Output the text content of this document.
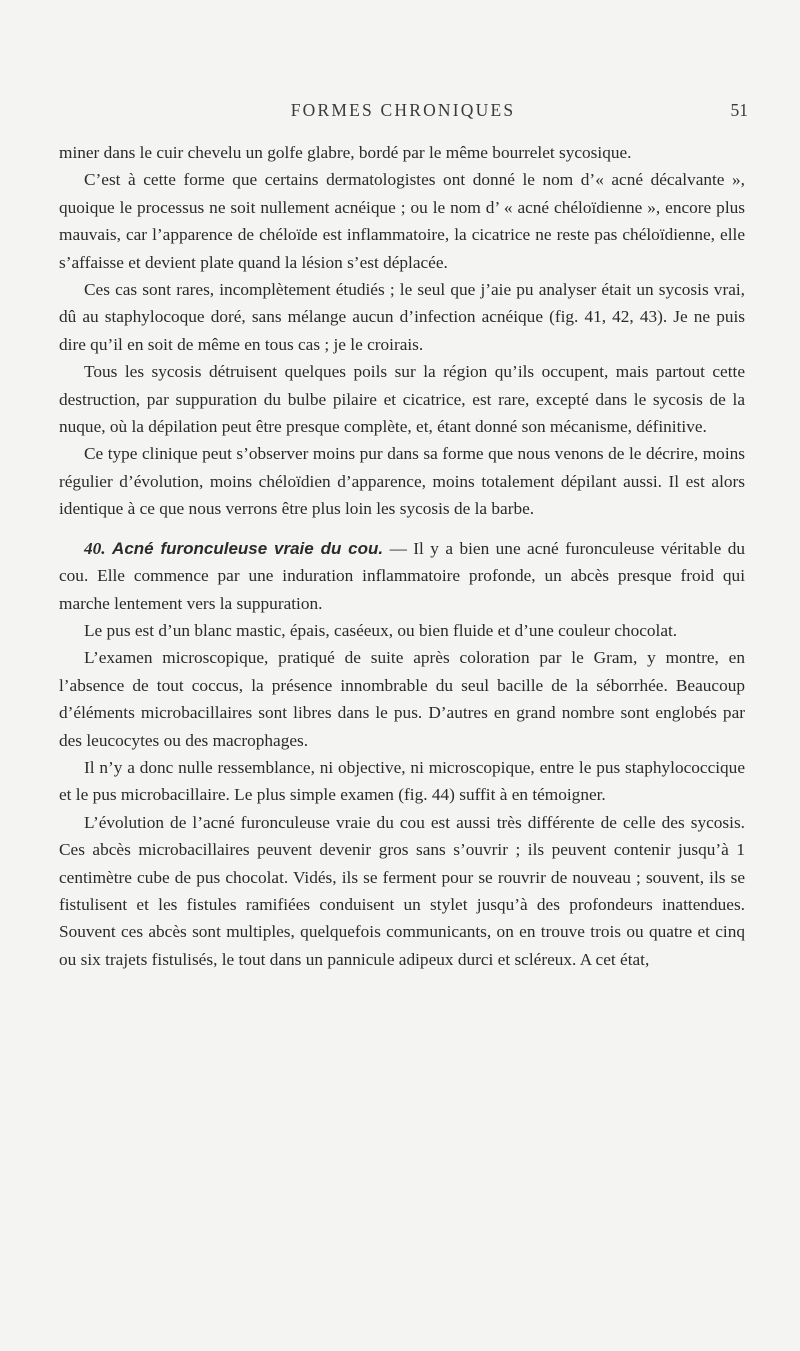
FORMES CHRONIQUES	51

miner dans le cuir chevelu un golfe glabre, bordé par le même bourrelet sycosique.

C’est à cette forme que certains dermatologistes ont donné le nom d’« acné décalvante », quoique le processus ne soit nullement acnéique ; ou le nom d’ « acné chéloïdienne », encore plus mauvais, car l’apparence de chéloïde est inflammatoire, la cicatrice ne reste pas chéloïdienne, elle s’affaisse et devient plate quand la lésion s’est déplacée.

Ces cas sont rares, incomplètement étudiés ; le seul que j’aie pu analyser était un sycosis vrai, dû au staphylocoque doré, sans mélange aucun d’infection acnéique (fig. 41, 42, 43). Je ne puis dire qu’il en soit de même en tous cas ; je le croirais.

Tous les sycosis détruisent quelques poils sur la région qu’ils occupent, mais partout cette destruction, par suppuration du bulbe pilaire et cicatrice, est rare, excepté dans le sycosis de la nuque, où la dépilation peut être presque complète, et, étant donné son mécanisme, définitive.

Ce type clinique peut s’observer moins pur dans sa forme que nous venons de le décrire, moins régulier d’évolution, moins chéloïdien d’apparence, moins totalement dépilant aussi. Il est alors identique à ce que nous verrons être plus loin les sycosis de la barbe.

40. Acné furonculeuse vraie du cou. — Il y a bien une acné furonculeuse véritable du cou. Elle commence par une induration inflammatoire profonde, un abcès presque froid qui marche lentement vers la suppuration.

Le pus est d’un blanc mastic, épais, caséeux, ou bien fluide et d’une couleur chocolat.

L’examen microscopique, pratiqué de suite après coloration par le Gram, y montre, en l’absence de tout coccus, la présence innombrable du seul bacille de la séborrhée. Beaucoup d’éléments microbacillaires sont libres dans le pus. D’autres en grand nombre sont englobés par des leucocytes ou des macrophages.

Il n’y a donc nulle ressemblance, ni objective, ni microscopique, entre le pus staphylococcique et le pus microbacillaire. Le plus simple examen (fig. 44) suffit à en témoigner.

L’évolution de l’acné furonculeuse vraie du cou est aussi très différente de celle des sycosis. Ces abcès microbacillaires peuvent devenir gros sans s’ouvrir ; ils peuvent contenir jusqu’à 1 centimètre cube de pus chocolat. Vidés, ils se ferment pour se rouvrir de nouveau ; souvent, ils se fistulisent et les fistules ramifiées conduisent un stylet jusqu’à des profondeurs inattendues. Souvent ces abcès sont multiples, quelquefois communicants, on en trouve trois ou quatre et cinq ou six trajets fistulisés, le tout dans un pannicule adipeux durci et scléreux. A cet état,
